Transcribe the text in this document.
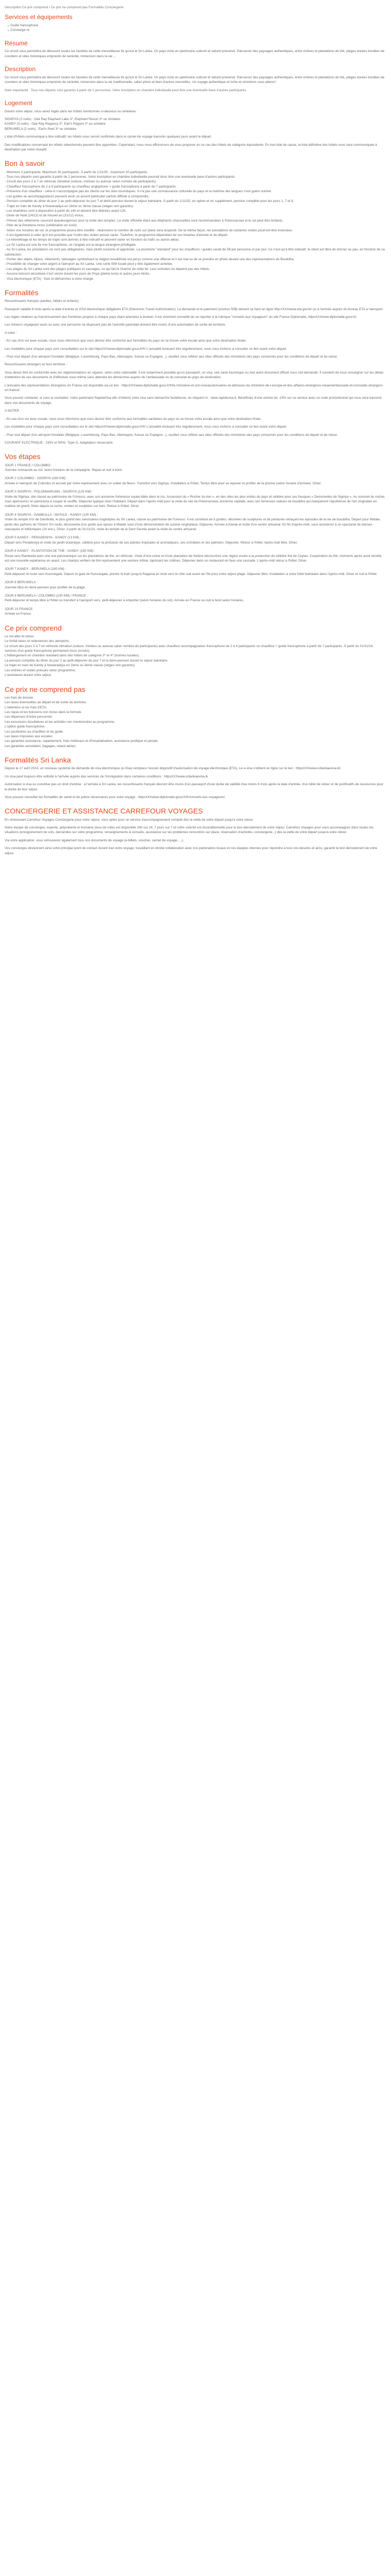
Description Ce prix comprend / Ce prix ne comprend pas Formalités Conciergerie
Services et équipements
Guide francophone
Concierge·re
Résumé

Ce circuit vous permettra de découvrir toutes les facettes de cette merveilleuse île qu'est le Sri Lanka. Un pays riche en patrimoine culturel et naturel préservé. Parcourez des paysages authentiques, entre rizières et plantations de thé, plages dorées bordées de cocotiers et sites historiques empreints de sérénité, immersion dans la vie ...

Description

Ce circuit vous permettra de découvrir toutes les facettes de cette merveilleuse île qu'est le Sri Lanka. Un pays riche en patrimoine culturel et naturel préservé. Parcourez des paysages authentiques, entre rizières et plantations de thé, plages dorées bordées de cocotiers et sites historiques empreints de sérénité, immersion dans la vie traditionnelle, safari photo et bien d'autres merveilles. Un voyage authentique et riche en émotions vous attend !

Note importante : Tous nos départs sont garantis à partir de 2 personnes. Votre inscription en chambre individuelle peut être une éventuelle base d'autres participants.

Logement

Durant votre séjour, vous serez logés dans les hôtels mentionnés ci-dessous ou similaires :

SIGIRIYA (2 nuits) : Oak Ray Elephant Lake 3*, Elephant Resort 3* ou similaire.
KANDY (3 nuits) : Oak Ray Regency 3*, Earl's Regent 3* ou similaire.
BERUWELA (2 nuits) : Earl's Reef 3* ou similaire.

L'état d'hôtels communiqué à titre indicatif, les hôtels vous seront confirmés dans le carnet de voyage transmis quelques jours avant le départ.

Des modifications concernant les hôtels sélectionnés peuvent être apportées. Cependant, nous nous efforcerons de vous proposer en ce cas des hôtels de catégorie équivalente. En tout état de cause, la liste définitive des hôtels vous sera communiquée à destination par notre réceptif.

Bon à savoir
- Minimum 2 participants. Maximum 30 participants. À partir du 1/11/25 : maximum 20 participants.
- Tous nos départs sont garantis à partir de 2 personnes. Votre inscription en chambre individuelle pourrait donc être une éventuelle base d'autres participants.
- Circuit des jours 2 à 7 en véhicule climatisé (voiture, minivan ou autocar selon nombre de participants).
- Chauffeur francophone de 2 à 6 participants ou chauffeur anglophone + guide francophone à partir de 7 participants.
- Présence d'un chauffeur - celui-ci n'accompagne pas les clients sur les sites touristiques. Il n'a pas une connaissance culturelle du pays et la maîtrise des langues n'est guère notoire.
- Les guides ou accompagnateurs peuvent avoir un accent particulier parfois difficile à comprendre.
- Pension complète du dîner du jour 2 au petit-déjeuner du jour 7 et demi-pension durant le séjour balnéaire. À partir du 1/11/25, en option et en supplément, pension complète pour les jours 1, 7 et 8.
- Trajet en train de Kandy à Nuwaraeliya en 2ème ou 3ème classe (sièges non garantis).
- Les chambres sont à disposition à partir de 14h et doivent être libérées avant 12h.
- Dîner de Noël (24/12) et de Nouvel an (31/12) inclus.
- Prévoir des vêtements couvrant épaules/genoux pour la visite des temples. La visite officielle étant aux éléphants chaussettes sont recommandées à Polonnaruwa et le sol peut être brûlant).
- Pèle de la Perahera inclus (célébration en Août).
- Selon vos horaires de vol, le programme pourra être modifié : néanmoins le nombre de nuits sur place sera respecté. De la même façon, les prestations de certaines visites pourront être inversées.
- Il est également à noter qu'il est possible que l'ordre des visites puisse varier. Toutefois, le programme dépendant de vos horaires d'arrivée et de départ.
- Le kilométrage et les temps de trajet sont donnés à titre indicatif et peuvent varier en fonction du trafic ou autres aléas.
- Le Sri Lanka est une île non francophone, où l'anglais est la langue étrangère privilégiée.
- Au Sri Lanka, les prestations ne sont pas obligatoires, mais plutôt coutume et appréciée. La pourboire "standard" pour les chauffeurs / guides serait de 5$ par personne et par jour. Ce n'est qu'à titre indicatif, le client est libre de donner ou pas, en fonction de sa satisfaction.
- Portier des objets, bijoux, vêtements, tatouages symbolisant la religion bouddhiste est perçu comme une offense et il est mal vu de se prendre en photo devant une des représentations de Bouddha.
- Possibilité de changer votre argent à l'aéroport au Sri Lanka. Une carte SIM locale peut y être également achetée.
- Les plages du Sri Lanka sont des plages publiques et sauvages, ce qui fait le charme de cette île. Leur entretien ne dépend pas des hôtels.
- Aucune boisson alcoolisée n'est servie durant les jours de Poya (pleine lune) et autres jours fériés.
- Visa électronique (ETA) : frais et démarches à votre charge.
Formalités

Ressortissants français (adultes, bébés et enfants) :

Passeport valable 6 mois après la date d'entrée et VISA électronique obligatoire ETA (Electronic Travel Authorization). La demande et le paiement (environ 50$) doivent se faire en ligne http://XXXwww.eta.gov.lk/ ou à l'arrivée auprès du bureau ETA à l'aéroport.

Les règles relatives au franchissement des frontières propres à chaque pays étant amenées à évoluer, il est vivement conseillé de se reporter à la rubrique "conseils aux voyageurs" du site France Diplomatie, httpsXXXwww.diplomatie.gouv.fr/.

Les mineurs voyageant seuls ou avec une personne ne disposant pas de l'autorité parentale doivent être munis d'une autorisation de sortie de territoire.

A noter :

- En cas d'un vol avec escale, nous vous informons que vous devrez être conforme aux formalités du pays où se trouve votre escale ainsi que votre destination finale.

Les modalités pour chaque pays sont consultables sur le site httpsXXXwww.diplomatie.gouv.fr/fr/ L'actualité évoluant très régulièrement, nous vous invitons à consulter ce lien avant votre départ.

- Pour tout départ d'un aéroport frontalier (Belgique, Luxembourg, Pays-Bas, Allemagne, Suisse ou Espagne...), veuillez vous référer aux sites officiels des ministères des pays concernés pour les conditions de départ et de retour.

Ressortissants étrangers et hors territoire :

Vous devez être en conformité avec les réglementations en vigueur, selon votre nationalité. Il est notamment possible qu'un passeport, un visa, une carte touristique ou tout autre document officiel vous soit demandé. Il convient de vous renseigner sur les délais d'obtention de ces documents et d'effectuer vous-même sans attendre les démarches auprès de l'ambassade ou du consulat du pays de destination.

L'annuaire des représentations étrangères en France est disponible via ce lien : httpsXXXwww.diplomatie.gouv.fr/fr/le-ministere-et-son-reseau/annuaires-et-adresses-du-ministere-de-l-europe-et-des-affaires-etrangeres-meae/ambassade-et-consulats-etrangers-en-france/

Vous pouvez contacter, si vous le souhaitez, notre partenaire RapidaVisa afin d'obtenir votre visa sans démarche fastidieuse, en cliquant ici : www.rapidevisa.fr. Bénéficiez d'une remise de -15% sur ce service avec un code promotionnel qui vous sera transmis dans vos documents de voyage.

A NOTER

- En cas d'un vol avec escale, nous vous informons que vous devrez être conforme aux formalités sanitaires du pays où se trouve votre escale ainsi que votre destination finale.

Les modalités pour chaque pays sont consultables sur le site httpsXXXwww.diplomatie.gouv.fr/fr/ L'actualité évoluant très régulièrement, nous vous invitons à consulter ce lien avant votre départ.

- Pour tout départ d'un aéroport frontalier (Belgique, Luxembourg, Pays-Bas, Allemagne, Suisse ou Espagne...), veuillez vous référer aux sites officiels des ministères des pays concernés pour les conditions de départ et de retour.

COURANT ELECTRIQUE : 230V et 50Hz. Type G. Adaptateur nécessaire.

Vos étapes
JOUR 1 FRANCE / COLOMBO :
Journée consacrée au vol, selon horaires de la compagnie. Repas et nuit à bord.
JOUR 2 COLOMBO - SIGIRIYA (180 KM) :
Arrivée à l'aéroport de Colombo et accueil par notre représentant avec un collier de fleurs. Transfert vers Sigiriya. Installation à l'hôtel. Temps libre pour se reposer et profiter de la piscine (selon horaire d'arrivée). Dîner.
JOUR 3 SIGIRIYA - POLONNARUWA - SIGIRIYA (120 KM) :
Visite de Sigiriya, site classé au patrimoine de l'Unesco, avec son ancienne forteresse royale bâtie dans le roc. Ascension du « Rocher du lion », en des sites les plus visités du pays et célèbre pour ses fresques « Demoiselles de Sigiriya ». Au sommet du rocher, vous apercevrez un panorama à couper le souffle. Déjeuner typique chez l'habitant. Départ dans l'après-midi pour la visite du site de Polonnaruwa, ancienne capitale, avec ses fameuses statues de bouddha qui marquèrent l'apothéose de l'art cinghalais en matière de granit, finies depuis la roche, ornées et sculptées sur bois. Retour à l'hôtel. Dîner.
JOUR 4 SIGIRIYA - DAMBULLA - MATALE - KANDY (100 KM) :
Visite du temple d'or de Dambulla, le plus grand des sanctuaires troglodytes du Sri Lanka, classé au patrimoine de l'Unesco. Il est constitué de 5 grottes, décorées de sculptures et de peintures retraçant les épisodes de la vie de bouddha. Départ pour Matale, jardin des parfums de l'Orient. En route, découverte d'un jardin aux épices à Matale suivi d'une démonstration de cuisine cinghalaise. Déjeuner. Arrivée à Kandy et visite d'un centre artisanal. En fin d'après-midi, vous assisterez à un spectacle de danses classiques et folkloriques (1h env.). Dîner. A partir du 01/11/24, visite du temple de la Dent Sacrée avant la visite du centre artisanal.
JOUR 5 KANDY - PERADENIYA - KANDY (13 KM) :
Départ vers Peradeniya et visite du jardin botanique, célèbre pour la profusion de ses plantes tropicales et aromatiques, ses orchidées et ses palmiers. Déjeuner. Retour à l'hôtel. Après-midi libre. Dîner.
JOUR 6 KANDY - PLANTATION DE THE - KANDY (160 KM) :
Route vers Ramboda avec une vue panoramique sur les plantations de thé, en véhicule. Visite d'une usine et d'une plantation de théière découvrirez une région vouée à la production du célèbre thé de Ceylan. Coopération du thé, moments après avoir récolté, est une nouvelle expérience en avant. Les champs vertiers de thé représentent une verdure infinie, tapissant les collines. Déjeuner dans un restaurant en face une cascade. L'après-midi retour à l'hôtel. Dîner.
JOUR 7 KANDY - BERUWELA (180 KM) :
Petit-déjeuner et route vers Kurunegala. Depuis le gare de Kurunegala, prenez le train jusqu'à Ragama et route vers le côte sud-ouest de l'île pour votre séjour plage. Déjeuner libre. Installation à votre hôtel balnéaire dans l'après-midi. Dîner et nuit à l'hôtel.
JOUR 8 BERUWELA :
Journée libre en demi-pension pour profiter de la plage.
JOUR 9 BERUWELA / COLOMBO (100 KM) / FRANCE :
Petit-déjeuner et temps libre à l'hôtel ou transfert à l'aéroport vers, petit-déjeuner à emporter (selon horaires du vol). Arrivée en France ou nuit à bord selon horaires.
JOUR 10 FRANCE
Arrivée en France.
Ce prix comprend
Le vol aller et retour.
Le forfait taxes et redevances des aéroports.
Le circuit des jours 2 à 7 en véhicule climatisé (voiture, minibus ou autocar selon nombre de participants) avec chauffeur accompagnateur francophone de 2 à 6 participants ou chauffeur + guide francophone à partir de 7 participants. À partir du 01/11/24, services d'un guide francophone permanent (tous circuits).
L'hébergement en chambre standard dans des hôtels de catégorie 3* et 4* (normes locales).
La pension complète du dîner du jour 2 au petit-déjeuner du jour 7 et la demi-pension durant le séjour balnéaire.
Le trajet en train de Kandy à Nuwaraeliya en 2ème ou 3ème classe (sièges non garantis).
Les entrées et visites prévues selon programme.
L'assistance durant votre séjour.
Ce prix ne comprend pas
Les frais de dossier.
Les taxes éventuelles au départ et de sortie du territoire.
L'obtention et les frais d'ETA.
Les repas et les boissons non inclus dans la formule.
Les dépenses d'ordre personnel.
Les excursions facultatives et les activités non mentionnées au programme.
L'option guide francophone.
Les pourboires au chauffeur et du guide.
Les taxes imposées aux escales.
Les garanties assistance, rapatriement, frais médicaux et d'hospitalisation, assistance juridique et pénale.
Les garanties annulation, bagages, retard aérien.
Formalités Sri Lanka

Depuis le 17 avril 2024, un nouveau système de demande de visa électronique (e-Visa) remplace l'ancien dispositif d'autorisation de voyage électronique (ETA). Le e-visa s'obtient en ligne sur le lien : httpsXXXwww.srilankaevisa.lk/

Un visa peut toujours être sollicité à l'arrivée auprès des services de l'immigration dans certaines conditions : httpsXXXwww.srilankaevisa.lk

Autorisation à visa ou constitue pas un droit d'entrée : à l'arrivée à Sri Lanka, les ressortissants français devront être munis d'un passeport d'une durée de validité d'au moins 6 mois après la date d'entrée, d'un billet de retour et de justificatifs de ressources pour la durée de leur séjour.

Vous pouvez consulter les formalités de santé et de police nécessaires pour votre voyage : httpsXXXwww.diplomatie.gouv.fr/fr/conseils-aux-voyageurs/

CONCIERGERIE ET ASSISTANCE CARREFOUR VOYAGES

En choisissant Carrefour Voyages Conciergerie pour votre séjour, vous optez pour un service d'accompagnement complet dès la veille de votre départ jusqu'à votre retour.

Notre équipe de concierges, experte, polyvalente et humaine (tous de robe) est disponible 24h sur 24, 7 jours sur 7 et notre volonté est inconditionnelle pour le bon déroulement de votre séjour. Carrefour Voyages pour vous accompagnez dans toutes les situations (enregistrement de vols, demandes sur votre programme, renseignements & conseils, assistance sur les problèmes rencontrés sur place, réservation d'activités, conciergerie...) dès la veille de votre départ jusqu'à votre retour.

Via votre application, vous retrouverez également tous vos documents de voyage (e-billets, voucher, carnet de voyage, ...).

Vos concierges deviennent ainsi votre principal point de contact durant tout votre voyage, travaillant en étroite collaboration avec nos partenaires locaux et nos équipes internes pour répondre à tous vos besoins et ainsi, garantir le bon déroulement de votre séjour.
